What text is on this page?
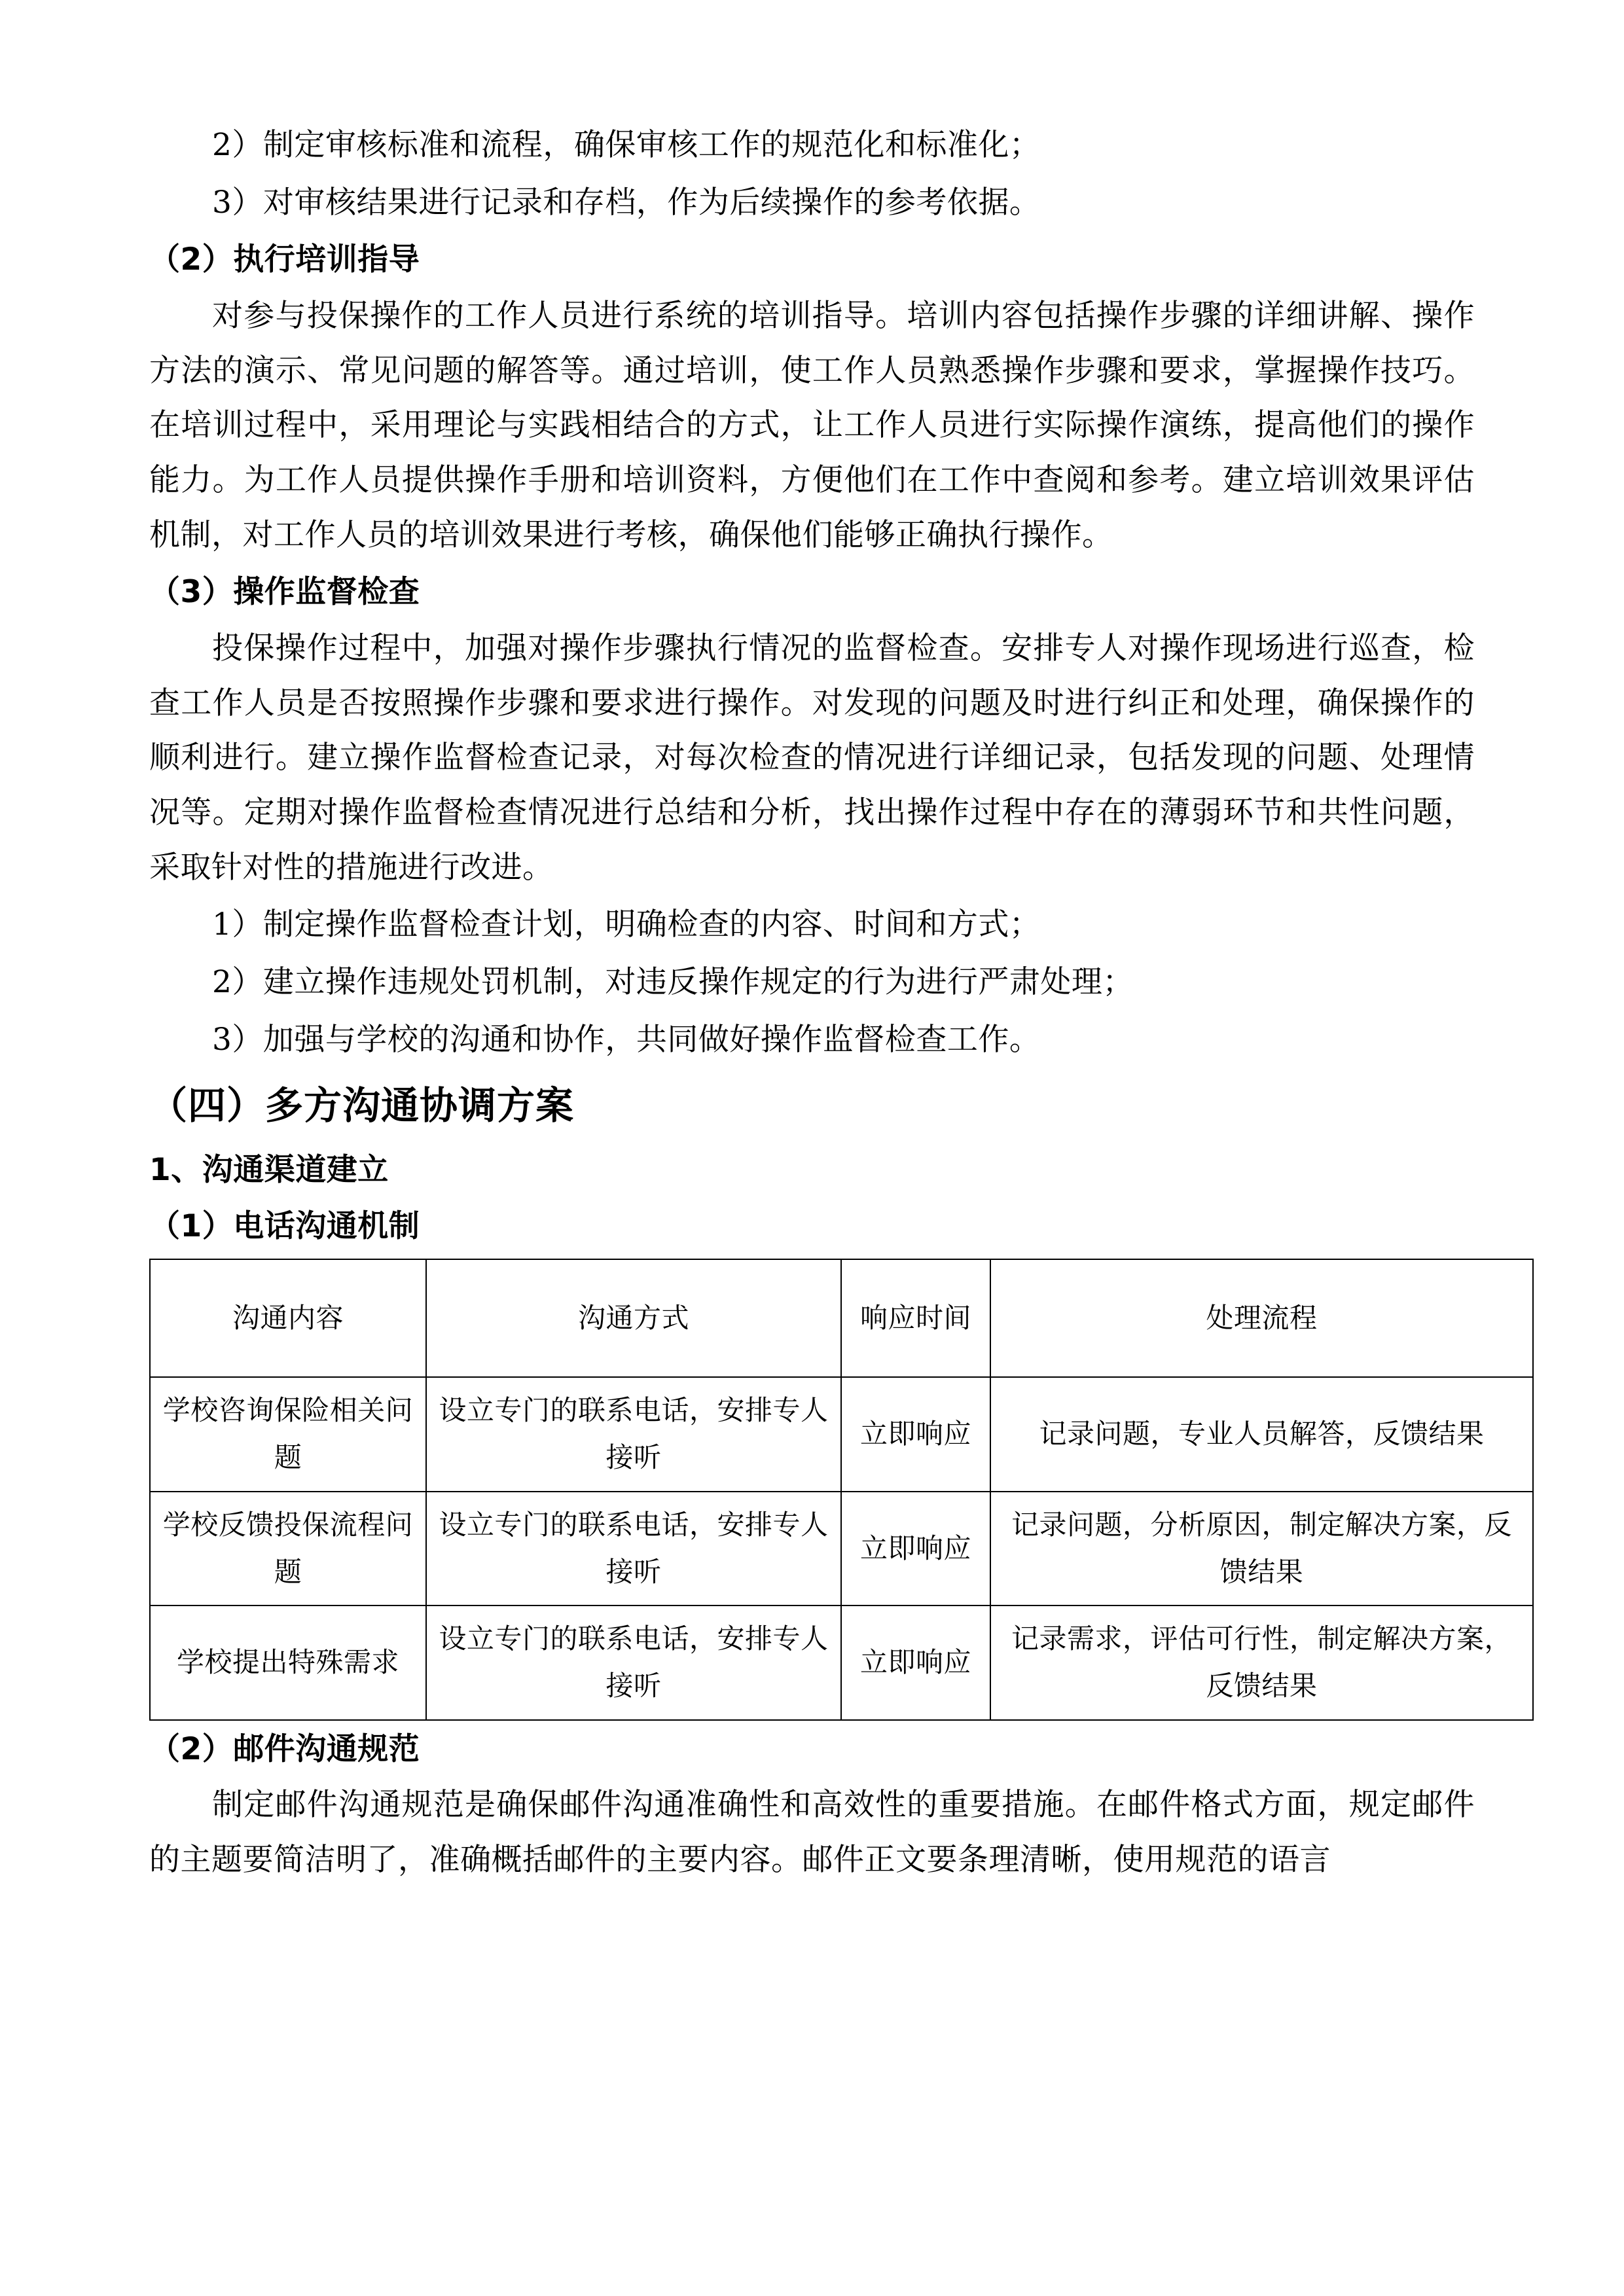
2）制定审核标准和流程，确保审核工作的规范化和标准化；

3）对审核结果进行记录和存档，作为后续操作的参考依据。

（2）执行培训指导

对参与投保操作的工作人员进行系统的培训指导。培训内容包括操作步骤的详细讲解、操作方法的演示、常见问题的解答等。通过培训，使工作人员熟悉操作步骤和要求，掌握操作技巧。在培训过程中，采用理论与实践相结合的方式，让工作人员进行实际操作演练，提高他们的操作能力。为工作人员提供操作手册和培训资料，方便他们在工作中查阅和参考。建立培训效果评估机制，对工作人员的培训效果进行考核，确保他们能够正确执行操作。

（3）操作监督检查

投保操作过程中，加强对操作步骤执行情况的监督检查。安排专人对操作现场进行巡查，检查工作人员是否按照操作步骤和要求进行操作。对发现的问题及时进行纠正和处理，确保操作的顺利进行。建立操作监督检查记录，对每次检查的情况进行详细记录，包括发现的问题、处理情况等。定期对操作监督检查情况进行总结和分析，找出操作过程中存在的薄弱环节和共性问题，采取针对性的措施进行改进。

1）制定操作监督检查计划，明确检查的内容、时间和方式；

2）建立操作违规处罚机制，对违反操作规定的行为进行严肃处理；

3）加强与学校的沟通和协作，共同做好操作监督检查工作。

（四）多方沟通协调方案

1、沟通渠道建立

（1）电话沟通机制

沟通内容	沟通方式	响应时间	处理流程
学校咨询保险相关问题	设立专门的联系电话，安排专人接听	立即响应	记录问题，专业人员解答，反馈结果
学校反馈投保流程问题	设立专门的联系电话，安排专人接听	立即响应	记录问题，分析原因，制定解决方案，反馈结果
学校提出特殊需求	设立专门的联系电话，安排专人接听	立即响应	记录需求，评估可行性，制定解决方案，反馈结果

（2）邮件沟通规范

制定邮件沟通规范是确保邮件沟通准确性和高效性的重要措施。在邮件格式方面，规定邮件的主题要简洁明了，准确概括邮件的主要内容。邮件正文要条理清晰，使用规范的语言
